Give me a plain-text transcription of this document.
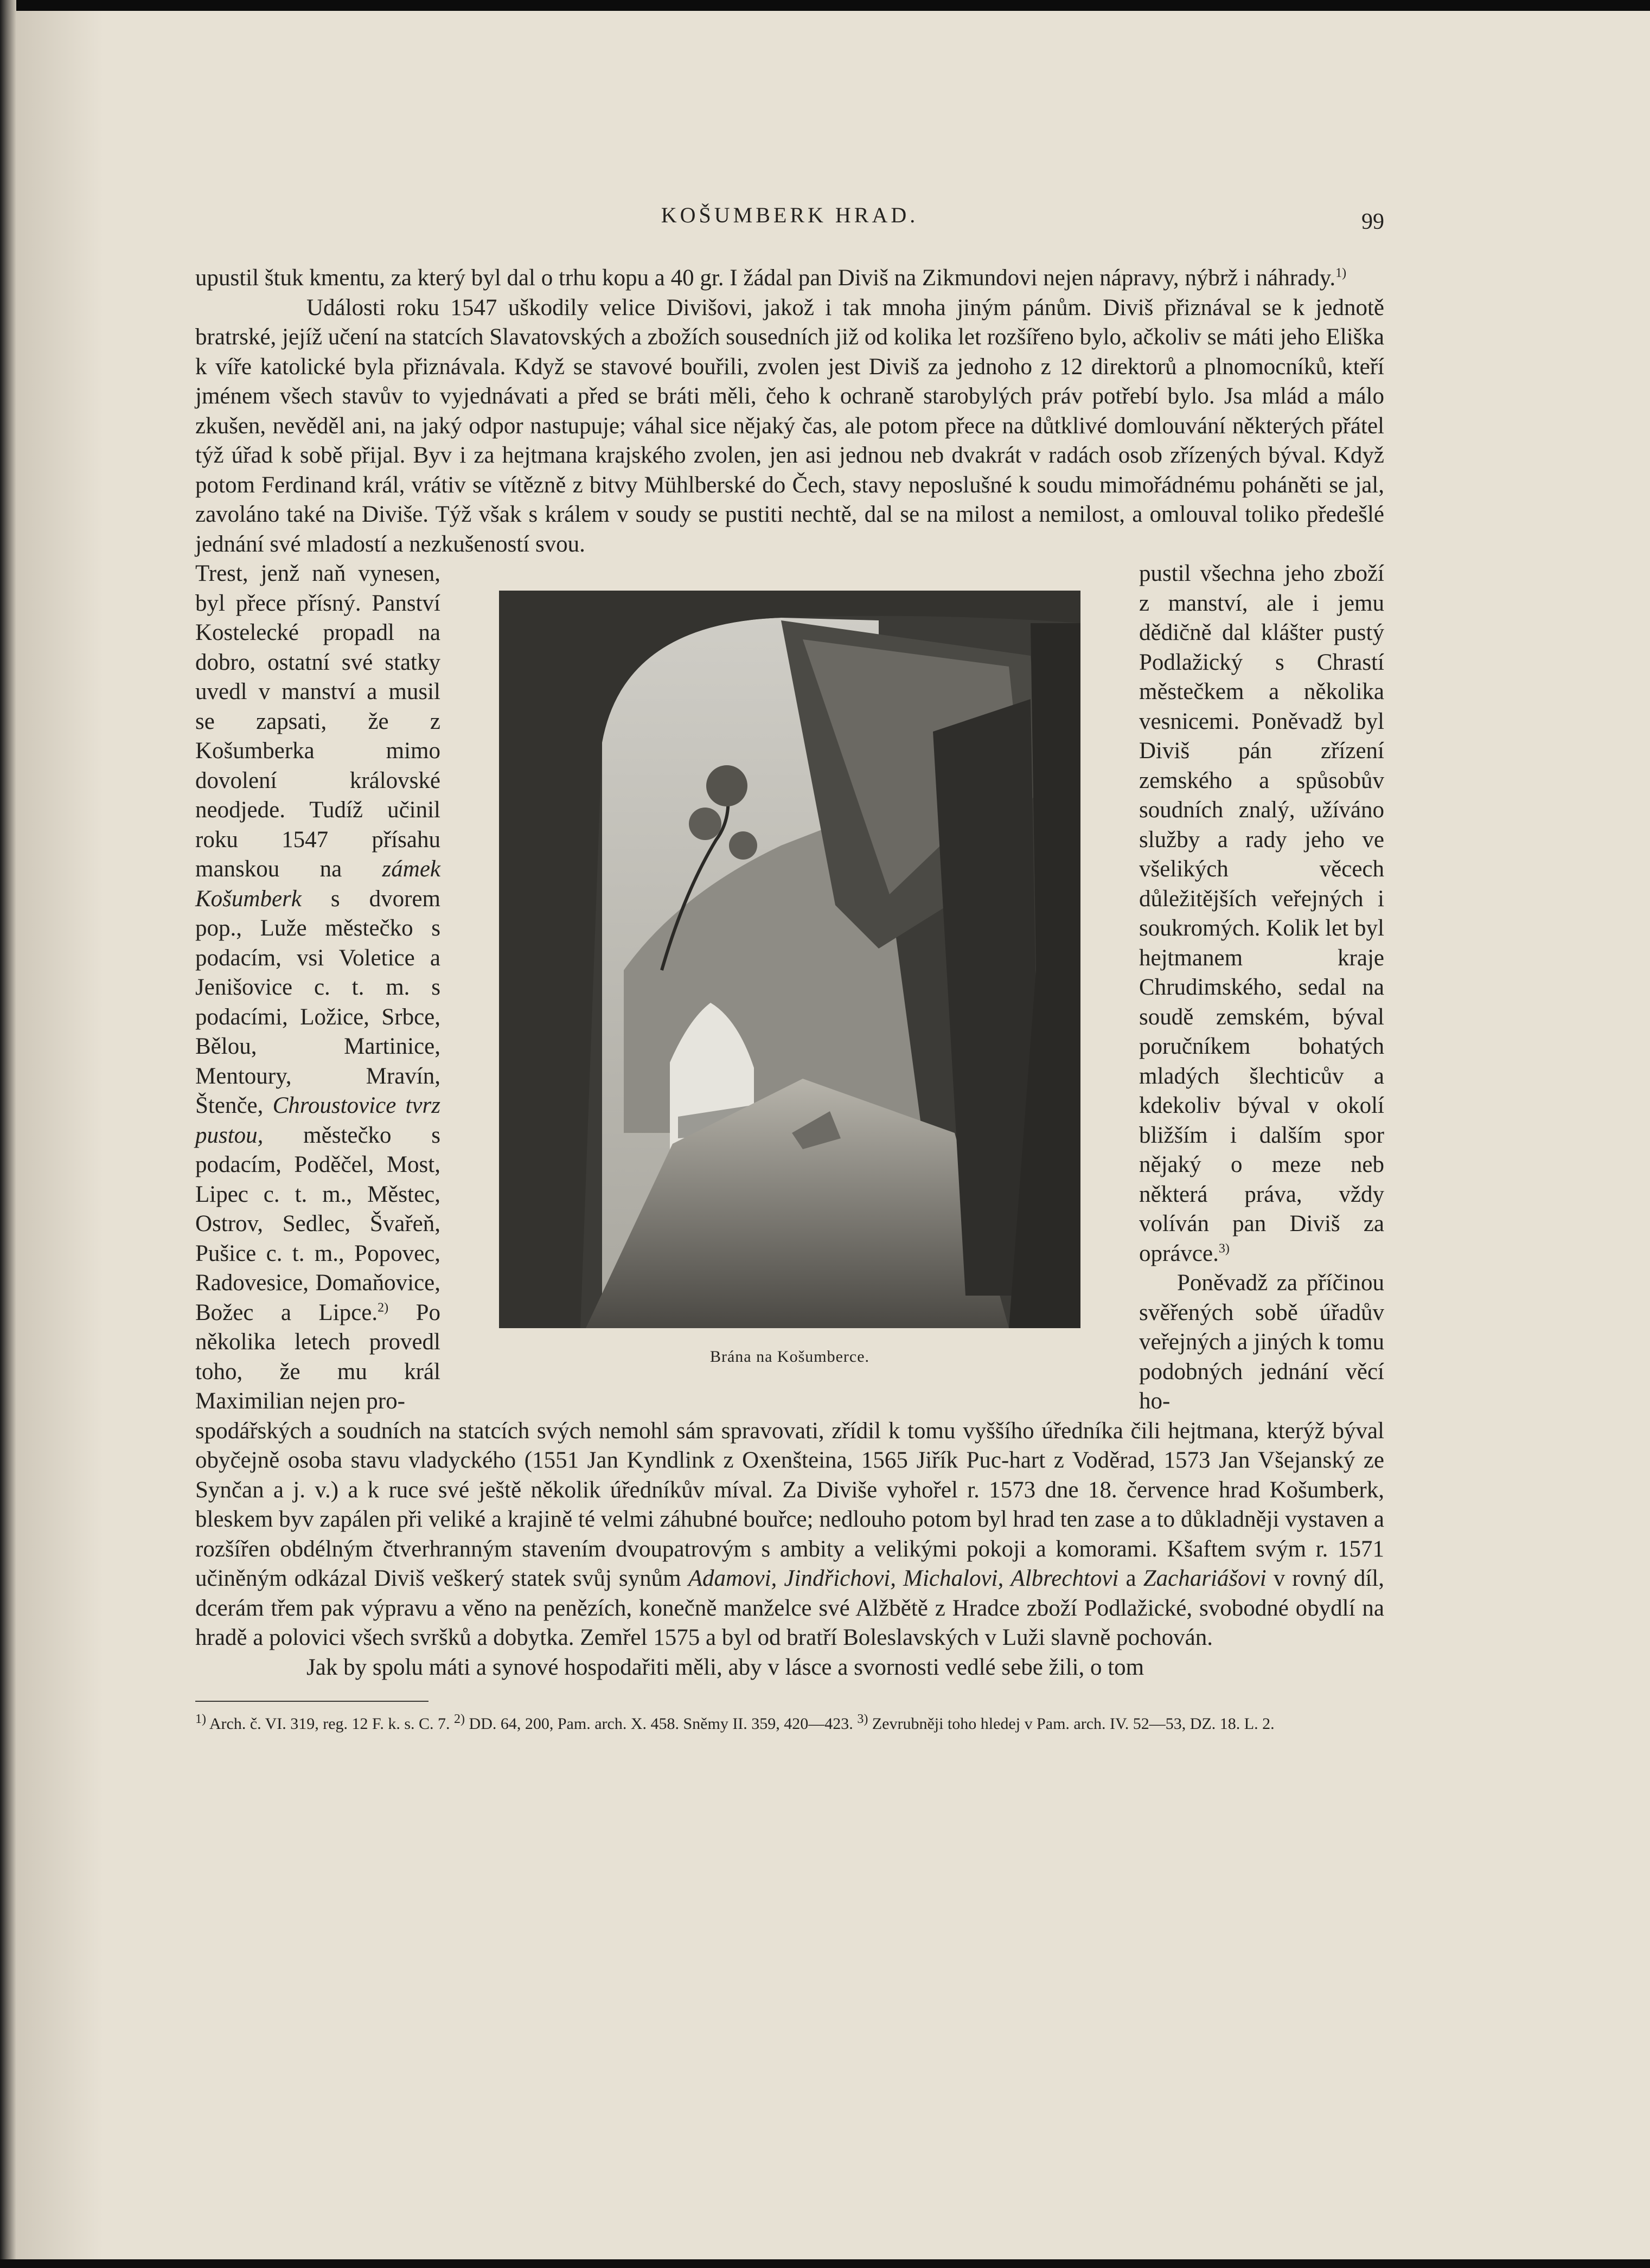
KOŠUMBERK HRAD.	99

upustil štuk kmentu, za který byl dal o trhu kopu a 40 gr. I žádal pan Diviš na Zikmundovi nejen nápravy, nýbrž i náhrady.$^{1)}$

Události roku 1547 uškodily velice Divišovi, jakož i tak mnoha jiným pánům. Diviš přiznával se k jednotě bratrské, jejíž učení na statcích Slavatovských a zbožích sousedních již od kolika let rozšířeno bylo, ačkoliv se máti jeho Eliška k víře katolické byla přiznávala. Když se stavové bouřili, zvolen jest Diviš za jednoho z 12 direktorů a plnomocníků, kteří jménem všech stavův to vyjednávati a před se bráti měli, čeho k ochraně starobylých práv potřebí bylo. Jsa mlád a málo zkušen, nevěděl ani, na jaký odpor nastupuje; váhal sice nějaký čas, ale potom přece na důtklivé domlouvání některých přátel týž úřad k sobě přijal. Byv i za hejtmana krajského zvolen, jen asi jednou neb dvakrát v radách osob zřízených býval. Když potom Ferdinand král, vrátiv se vítězně z bitvy Mühlberské do Čech, stavy neposlušné k soudu mimořádnému poháněti se jal, zavoláno také na Diviše. Týž však s králem v soudy se pustiti nechtě, dal se na milost a nemilost, a omlouval toliko předešlé jednání své mladostí a nezkušeností svou.

Trest, jenž naň vynesen, byl přece přísný. Panství Kostelecké propadl na dobro, ostatní své statky uvedl v manství a musil se zapsati, že z Košumberka mimo dovolení královské neodjede. Tudíž učinil roku 1547 přísahu manskou na zámek Košumberk s dvorem pop., Luže městečko s podacím, vsi Voletice a Jenišovice c. t. m. s podacími, Ložice, Srbce, Bělou, Martinice, Mentoury, Mravín, Štenče, Chroustovice tvrz pustou, městečko s podacím, Poděčel, Most, Lipec c. t. m., Městec, Ostrov, Sedlec, Švařeň, Pušice c. t. m., Popovec, Radovesice, Domaňovice, Božec a Lipce.$^{2)}$ Po několika letech provedl toho, že mu král Maximilian nejen pro-

Brána na Košumberce.

pustil všechna jeho zboží z manství, ale i jemu dědičně dal klášter pustý Podlažický s Chrastí městečkem a několika vesnicemi. Poněvadž byl Diviš pán zřízení zemského a spůsobův soudních znalý, užíváno služby a rady jeho ve všelikých věcech důležitějších veřejných i soukromých. Kolik let byl hejtmanem kraje Chrudimského, sedal na soudě zemském, býval poručníkem bohatých mladých šlechticův a kdekoliv býval v okolí bližším i dalším spor nějaký o meze neb některá práva, vždy volíván pan Diviš za oprávce.$^{3)}$

Poněvadž za příčinou svěřených sobě úřadův veřejných a jiných k tomu podobných jednání věcí ho-

spodářských a soudních na statcích svých nemohl sám spravovati, zřídil k tomu vyššího úředníka čili hejtmana, kterýž býval obyčejně osoba stavu vladyckého (1551 Jan Kyndlink z Oxenšteina, 1565 Jiřík Puc-hart z Voděrad, 1573 Jan Všejanský ze Synčan a j. v.) a k ruce své ještě několik úředníkův míval. Za Diviše vyhořel r. 1573 dne 18. července hrad Košumberk, bleskem byv zapálen při veliké a krajině té velmi záhubné bouřce; nedlouho potom byl hrad ten zase a to důkladněji vystaven a rozšířen obdélným čtverhranným stavením dvoupatrovým s ambity a velikými pokoji a komorami. Kšaftem svým r. 1571 učiněným odkázal Diviš veškerý statek svůj synům Adamovi, Jindřichovi, Michalovi, Albrechtovi a Zachariášovi v rovný díl, dcerám třem pak výpravu a věno na penězích, konečně manželce své Alžbětě z Hradce zboží Podlažické, svobodné obydlí na hradě a polovici všech svršků a dobytka. Zemřel 1575 a byl od bratří Boleslavských v Luži slavně pochován.

Jak by spolu máti a synové hospodařiti měli, aby v lásce a svornosti vedlé sebe žili, o tom

$^{1)}$ Arch. č. VI. 319, reg. 12 F. k. s. C. 7. $^{2)}$ DD. 64, 200, Pam. arch. X. 458. Sněmy II. 359, 420—423. $^{3)}$ Zevrubněji toho hledej v Pam. arch. IV. 52—53, DZ. 18. L. 2.
